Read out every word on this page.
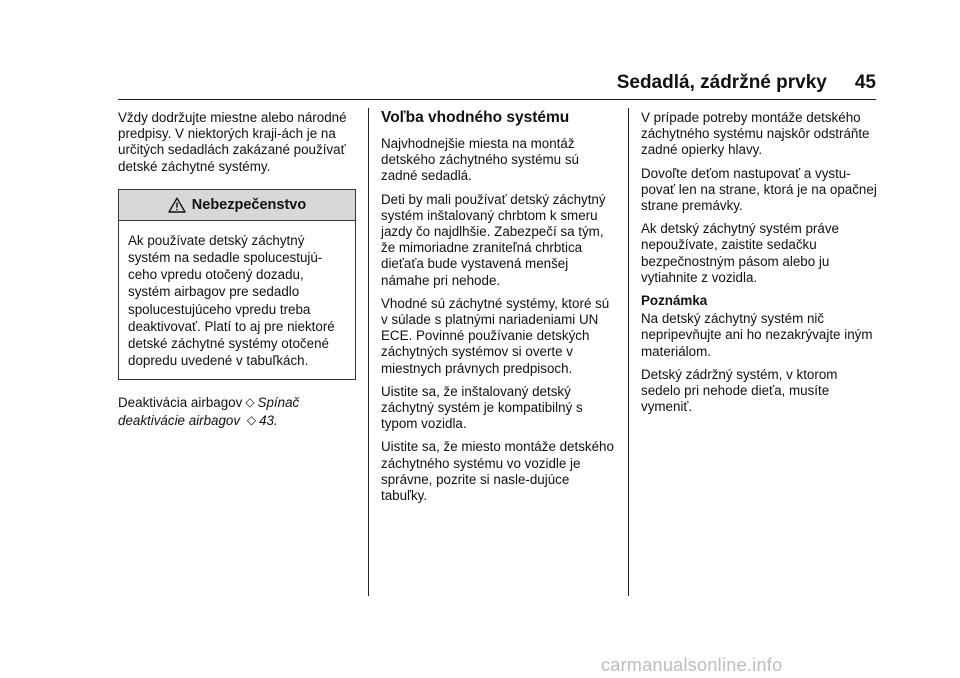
Sedadlá, zádržné prvky 45

Vždy dodržujte miestne alebo národné predpisy. V niektorých kraji-ách je na určitých sedadlách zakázané používať detské záchytné systémy.

Nebezpečenstvo
Ak používate detský záchytný systém na sedadle spolucestujú-ceho vpredu otočený dozadu, systém airbagov pre sedadlo spolucestujúceho vpredu treba deaktivovať. Platí to aj pre niektoré detské záchytné systémy otočené dopredu uvedené v tabuľkách.

Deaktivácia airbagov ◇ Spínač deaktivácie airbagov ◇ 43.

Voľba vhodného systému

Najvhodnejšie miesta na montáž detského záchytného systému sú zadné sedadlá.

Deti by mali používať detský záchytný systém inštalovaný chrbtom k smeru jazdy čo najdlhšie. Zabezpečí sa tým, že mimoriadne zraniteľná chrbtica dieťaťa bude vystavená menšej námahe pri nehode.

Vhodné sú záchytné systémy, ktoré sú v súlade s platnými nariadeniami UN ECE. Povinné používanie detských záchytných systémov si overte v miestnych právnych predpisoch.

Uistite sa, že inštalovaný detský záchytný systém je kompatibilný s typom vozidla.

Uistite sa, že miesto montáže detského záchytného systému vo vozidle je správne, pozrite si nasle-dujúce tabuľky.

V prípade potreby montáže detského záchytného systému najskôr odstráňte zadné opierky hlavy.

Dovoľte deťom nastupovať a vystu-povať len na strane, ktorá je na opačnej strane premávky.

Ak detský záchytný systém práve nepoužívate, zaistite sedačku bezpečnostným pásom alebo ju vytiahnite z vozidla.

Poznámka

Na detský záchytný systém nič nepripevňujte ani ho nezakrývajte iným materiálom.

Detský zádržný systém, v ktorom sedelo pri nehode dieťa, musíte vymeniť.

carmanualsonline.info
